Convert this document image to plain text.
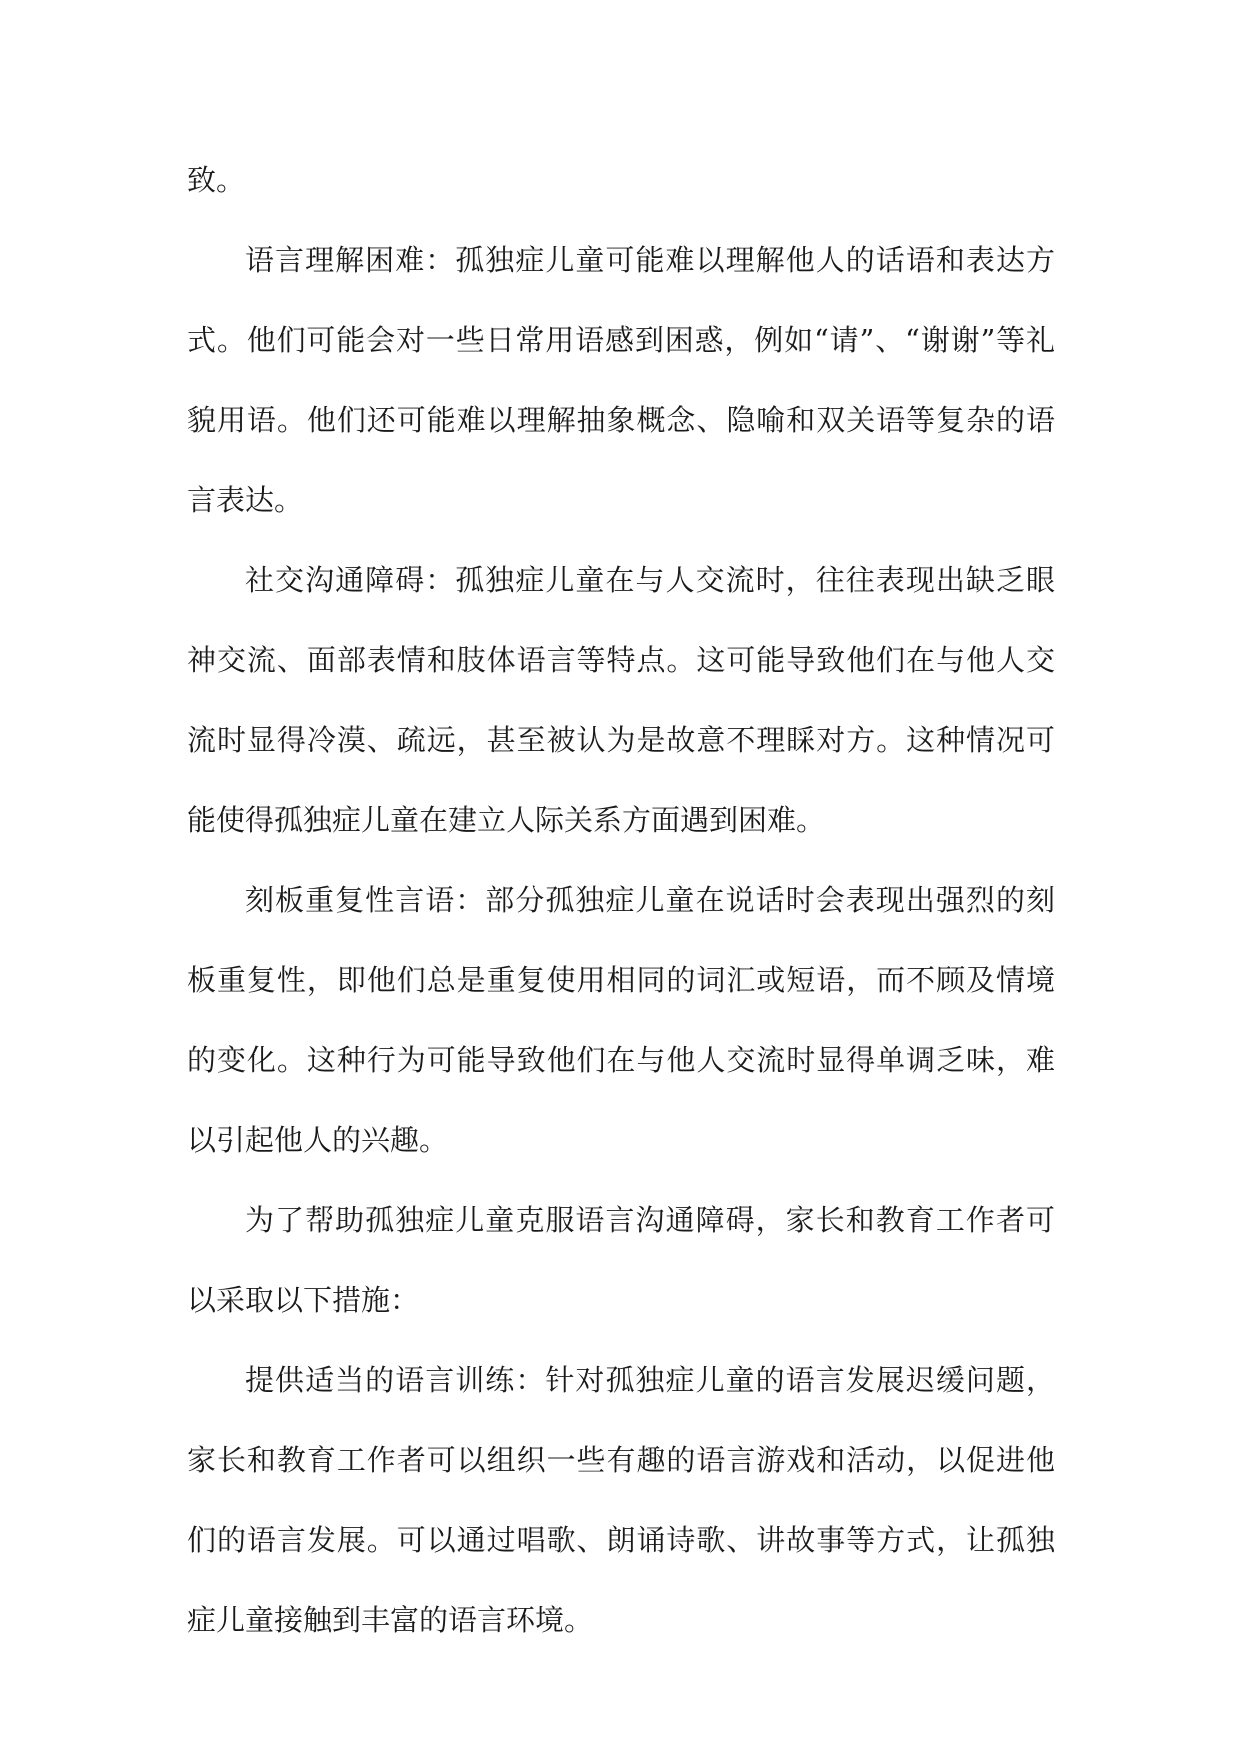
致。

语言理解困难：孤独症儿童可能难以理解他人的话语和表达方式。他们可能会对一些日常用语感到困惑，例如“请”、“谢谢”等礼貌用语。他们还可能难以理解抽象概念、隐喻和双关语等复杂的语言表达。

社交沟通障碍：孤独症儿童在与人交流时，往往表现出缺乏眼神交流、面部表情和肢体语言等特点。这可能导致他们在与他人交流时显得冷漠、疏远，甚至被认为是故意不理睬对方。这种情况可能使得孤独症儿童在建立人际关系方面遇到困难。

刻板重复性言语：部分孤独症儿童在说话时会表现出强烈的刻板重复性，即他们总是重复使用相同的词汇或短语，而不顾及情境的变化。这种行为可能导致他们在与他人交流时显得单调乏味，难以引起他人的兴趣。

为了帮助孤独症儿童克服语言沟通障碍，家长和教育工作者可以采取以下措施：

提供适当的语言训练：针对孤独症儿童的语言发展迟缓问题，家长和教育工作者可以组织一些有趣的语言游戏和活动，以促进他们的语言发展。可以通过唱歌、朗诵诗歌、讲故事等方式，让孤独症儿童接触到丰富的语言环境。
